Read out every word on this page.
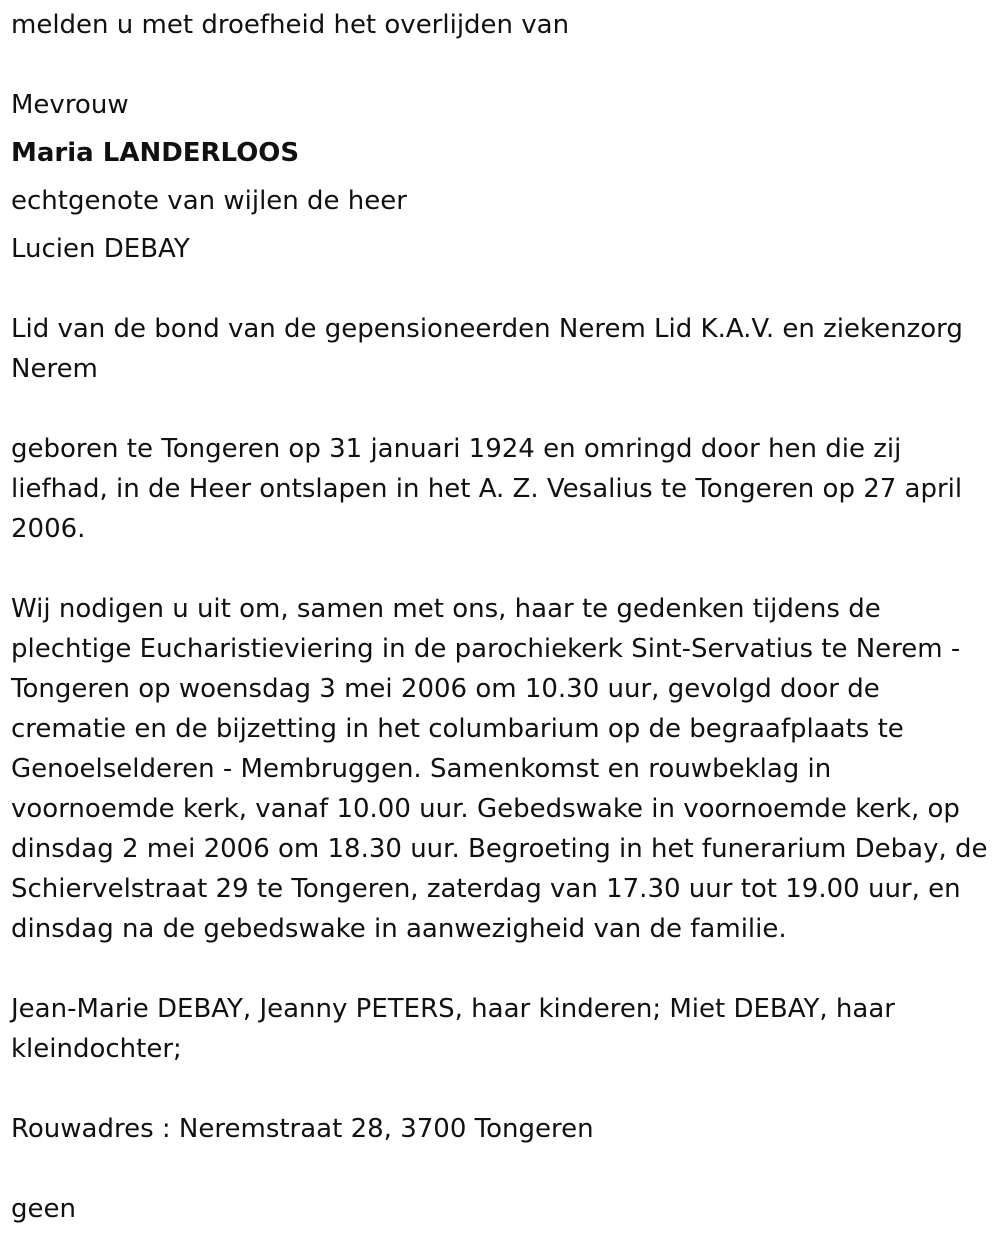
melden u met droefheid het overlijden van

Mevrouw

Maria LANDERLOOS

echtgenote van wijlen de heer

Lucien DEBAY

Lid van de bond van de gepensioneerden Nerem Lid K.A.V. en ziekenzorg Nerem

geboren te Tongeren op 31 januari 1924 en omringd door hen die zij liefhad, in de Heer ontslapen in het A. Z. Vesalius te Tongeren op 27 april 2006.

Wij nodigen u uit om, samen met ons, haar te gedenken tijdens de plechtige Eucharistieviering in de parochiekerk Sint-Servatius te Nerem - Tongeren op woensdag 3 mei 2006 om 10.30 uur, gevolgd door de crematie en de bijzetting in het columbarium op de begraafplaats te Genoelselderen - Membruggen. Samenkomst en rouwbeklag in voornoemde kerk, vanaf 10.00 uur. Gebedswake in voornoemde kerk, op dinsdag 2 mei 2006 om 18.30 uur. Begroeting in het funerarium Debay, de Schiervelstraat 29 te Tongeren, zaterdag van 17.30 uur tot 19.00 uur, en dinsdag na de gebedswake in aanwezigheid van de familie.

Jean-Marie DEBAY, Jeanny PETERS, haar kinderen; Miet DEBAY, haar kleindochter;

Rouwadres : Neremstraat 28, 3700 Tongeren

geen
